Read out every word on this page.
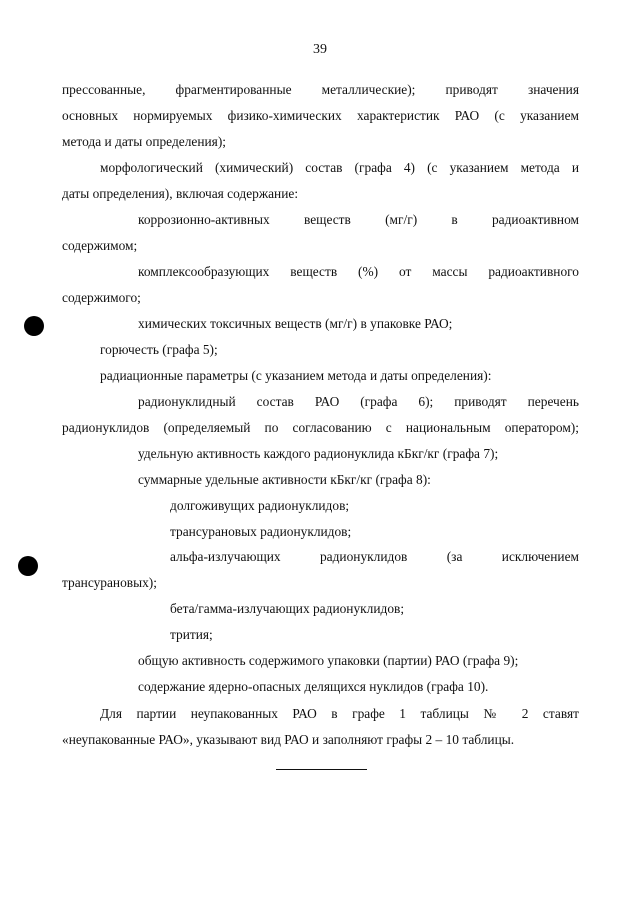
39
прессованные, фрагментированные металлические); приводят значения
основных нормируемых физико-химических характеристик РАО (с указанием
метода и даты определения);
морфологический (химический) состав (графа 4) (с указанием метода и
даты определения), включая содержание:
коррозионно-активных веществ (мг/г) в радиоактивном
содержимом;
комплексообразующих веществ (%) от массы радиоактивного
содержимого;
химических токсичных веществ (мг/г) в упаковке РАО;
горючесть (графа 5);
радиационные параметры (с указанием метода и даты определения):
радионуклидный состав РАО (графа 6); приводят перечень
радионуклидов (определяемый по согласованию с национальным оператором);
удельную активность каждого радионуклида кБкг/кг (графа 7);
суммарные удельные активности кБкг/кг (графа 8):
долгоживущих радионуклидов;
трансурановых радионуклидов;
альфа-излучающих радионуклидов (за исключением
трансурановых);
бета/гамма-излучающих радионуклидов;
трития;
общую активность содержимого упаковки (партии) РАО (графа 9);
содержание ядерно-опасных делящихся нуклидов (графа 10).
Для партии неупакованных РАО в графе 1 таблицы № 2 ставят
«неупакованные РАО», указывают вид РАО и заполняют графы 2 – 10 таблицы.
